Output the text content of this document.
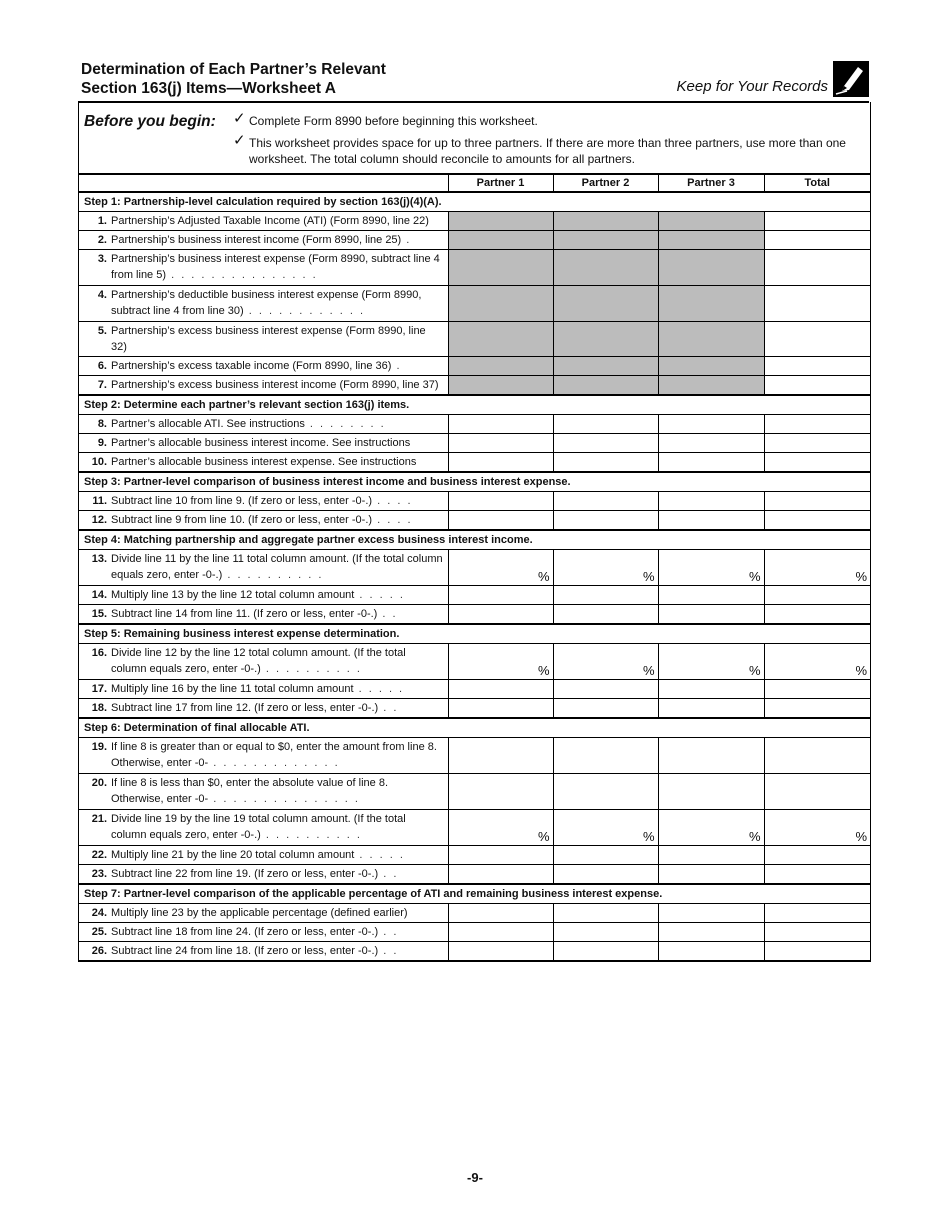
Determination of Each Partner’s Relevant
Section 163(j) Items—Worksheet A	Keep for Your Records
Before you begin: ✓ Complete Form 8990 before beginning this worksheet.
✓ This worksheet provides space for up to three partners. If there are more than three partners, use more than one worksheet. The total column should reconcile to amounts for all partners.
	Partner 1	Partner 2	Partner 3	Total
Step 1: Partnership-level calculation required by section 163(j)(4)(A).				

1. Partnership’s Adjusted Taxable Income (ATI) (Form 8990, line 22)				

2. Partnership’s business interest income (Form 8990, line 25) .				

3. Partnership’s business interest expense (Form 8990, subtract line 4 from line 5) . . . . . . . . . . . . . . .				

4. Partnership’s deductible business interest expense (Form 8990, subtract line 4 from line 30) . . . . . . . . . . . .				

5. Partnership’s excess business interest expense (Form 8990, line 32)				

6. Partnership’s excess taxable income (Form 8990, line 36) .				

7. Partnership’s excess business interest income (Form 8990, line 37)				

Step 2: Determine each partner’s relevant section 163(j) items.				

8. Partner’s allocable ATI. See instructions . . . . . . . .				

9. Partner’s allocable business interest income. See instructions				

10. Partner’s allocable business interest expense. See instructions				

Step 3: Partner-level comparison of business interest income and business interest expense.				

11. Subtract line 10 from line 9. (If zero or less, enter -0-.) . . . .				

12. Subtract line 9 from line 10. (If zero or less, enter -0-.) . . . .				

Step 4: Matching partnership and aggregate partner excess business interest income.				

13. Divide line 11 by the line 11 total column amount. (If the total column equals zero, enter -0-.) . . . . . . . . . .	%	%	%	%

14. Multiply line 13 by the line 12 total column amount . . . . .				

15. Subtract line 14 from line 11. (If zero or less, enter -0-.) . .				

Step 5: Remaining business interest expense determination.				

16. Divide line 12 by the line 12 total column amount. (If the total column equals zero, enter -0-.) . . . . . . . . . .	%	%	%	%

17. Multiply line 16 by the line 11 total column amount . . . . .				

18. Subtract line 17 from line 12. (If zero or less, enter -0-.) . .				

Step 6: Determination of final allocable ATI.				

19. If line 8 is greater than or equal to $0, enter the amount from line 8. Otherwise, enter -0- . . . . . . . . . . . . .				

20. If line 8 is less than $0, enter the absolute value of line 8. Otherwise, enter -0- . . . . . . . . . . . . . . .				

21. Divide line 19 by the line 19 total column amount. (If the total column equals zero, enter -0-.) . . . . . . . . . .	%	%	%	%

22. Multiply line 21 by the line 20 total column amount . . . . .				

23. Subtract line 22 from line 19. (If zero or less, enter -0-.) . .				

Step 7: Partner-level comparison of the applicable percentage of ATI and remaining business interest expense.				

24. Multiply line 23 by the applicable percentage (defined earlier)				

25. Subtract line 18 from line 24. (If zero or less, enter -0-.) . .				

26. Subtract line 24 from line 18. (If zero or less, enter -0-.) . .				

-9-
